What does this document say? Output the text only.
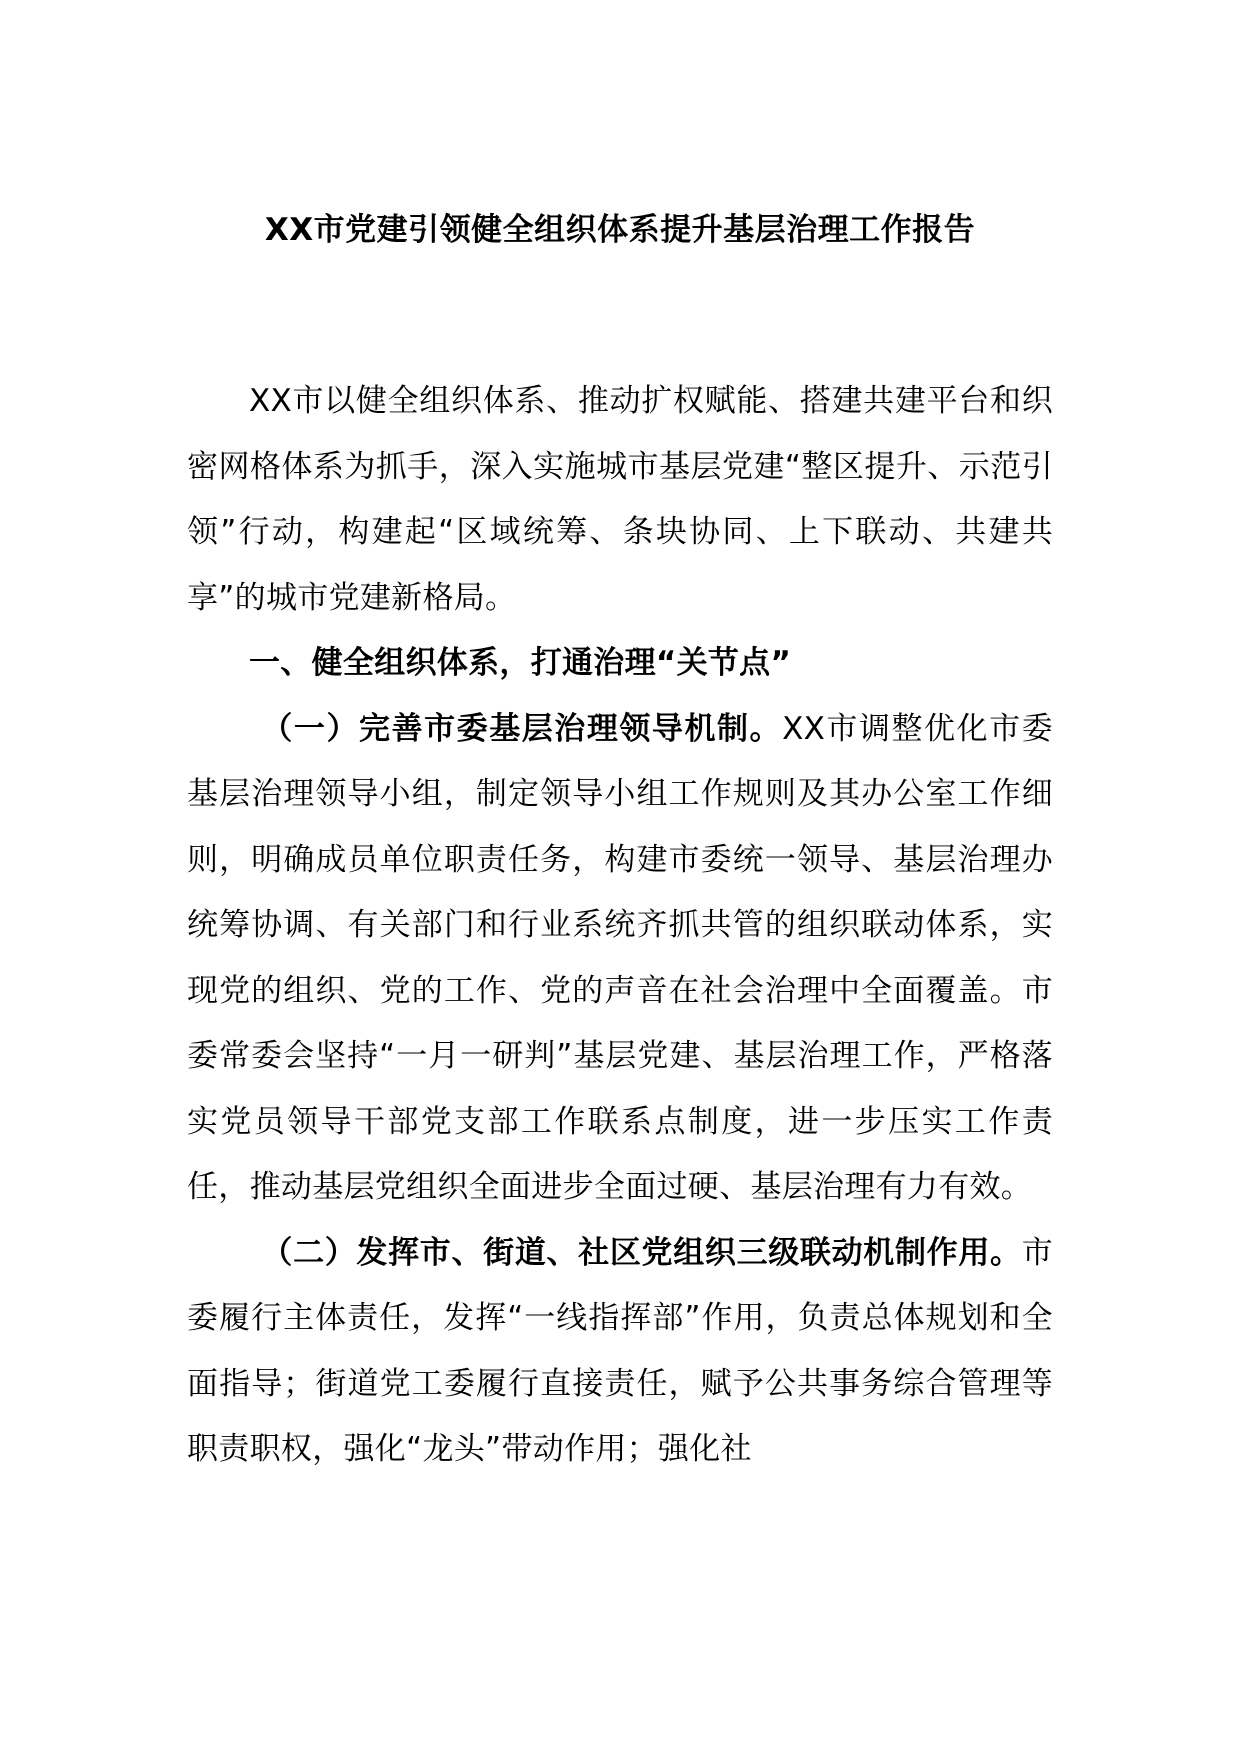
XX市党建引领健全组织体系提升基层治理工作报告

XX市以健全组织体系、推动扩权赋能、搭建共建平台和织密网格体系为抓手，深入实施城市基层党建“整区提升、示范引领”行动，构建起“区域统筹、条块协同、上下联动、共建共享”的城市党建新格局。

一、健全组织体系，打通治理“关节点”

（一）完善市委基层治理领导机制。XX市调整优化市委基层治理领导小组，制定领导小组工作规则及其办公室工作细则，明确成员单位职责任务，构建市委统一领导、基层治理办统筹协调、有关部门和行业系统齐抓共管的组织联动体系，实现党的组织、党的工作、党的声音在社会治理中全面覆盖。市委常委会坚持“一月一研判”基层党建、基层治理工作，严格落实党员领导干部党支部工作联系点制度，进一步压实工作责任，推动基层党组织全面进步全面过硬、基层治理有力有效。

（二）发挥市、街道、社区党组织三级联动机制作用。市委履行主体责任，发挥“一线指挥部”作用，负责总体规划和全面指导；街道党工委履行直接责任，赋予公共事务综合管理等职责职权，强化“龙头”带动作用；强化社
